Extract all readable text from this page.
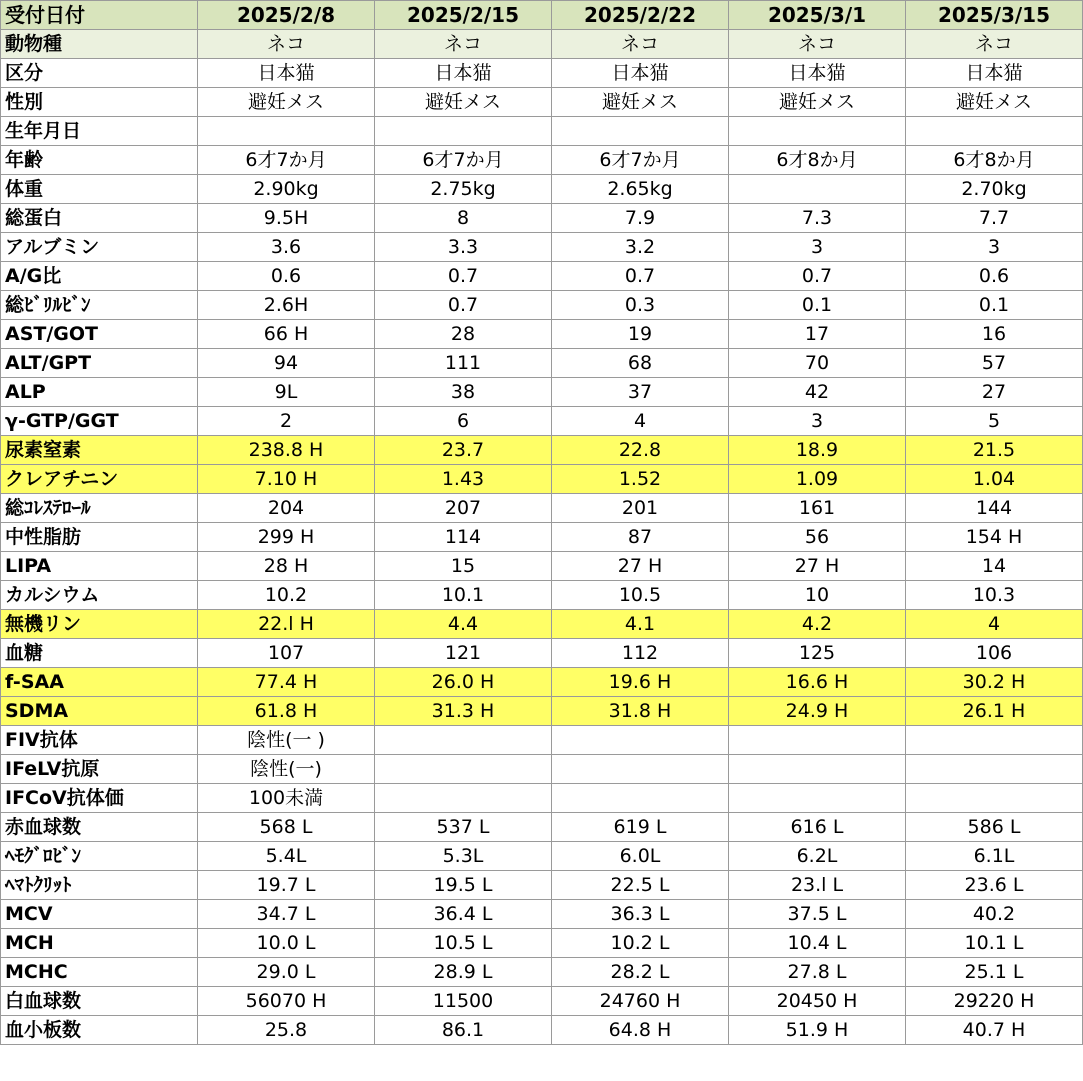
受付日付	2025/2/8	2025/2/15	2025/2/22	2025/3/1	2025/3/15
動物種	ネコ	ネコ	ネコ	ネコ	ネコ
区分	日本猫	日本猫	日本猫	日本猫	日本猫
性別	避妊メス	避妊メス	避妊メス	避妊メス	避妊メス
生年月日					
年齢	6才7か月	6才7か月	6才7か月	6才8か月	6才8か月
体重	2.90kg	2.75kg	2.65kg		2.70kg
総蛋白	9.5H	8	7.9	7.3	7.7
アルブミン	3.6	3.3	3.2	3	3
A/G比	0.6	0.7	0.7	0.7	0.6
総ﾋﾞﾘﾙﾋﾞﾝ	2.6H	0.7	0.3	0.1	0.1
AST/GOT	66 H	28	19	17	16
ALT/GPT	94	111	68	70	57
ALP	9L	38	37	42	27
γ-GTP/GGT	2	6	4	3	5
尿素窒素	238.8 H	23.7	22.8	18.9	21.5
クレアチニン	7.10 H	1.43	1.52	1.09	1.04
総ｺﾚｽﾃﾛｰﾙ	204	207	201	161	144
中性脂肪	299 H	114	87	56	154 H
LIPA	28 H	15	27 H	27 H	14
カルシウム	10.2	10.1	10.5	10	10.3
無機リン	22.l H	4.4	4.1	4.2	4
血糖	107	121	112	125	106
f-SAA	77.4 H	26.0 H	19.6 H	16.6 H	30.2 H
SDMA	61.8 H	31.3 H	31.8 H	24.9 H	26.1 H
FIV抗体	陰性(一 )				
IFeLV抗原	陰性(一)				
IFCoV抗体価	100未満				
赤血球数	568 L	537 L	619 L	616 L	586 L
ﾍﾓｸﾞﾛﾋﾞﾝ	5.4L	5.3L	6.0L	6.2L	6.1L
ﾍﾏﾄｸﾘｯﾄ	19.7 L	19.5 L	22.5 L	23.l L	23.6 L
MCV	34.7 L	36.4 L	36.3 L	37.5 L	40.2
MCH	10.0 L	10.5 L	10.2 L	10.4 L	10.1 L
MCHC	29.0 L	28.9 L	28.2 L	27.8 L	25.1 L
白血球数	56070 H	11500	24760 H	20450 H	29220 H
血小板数	25.8	86.1	64.8 H	51.9 H	40.7 H
